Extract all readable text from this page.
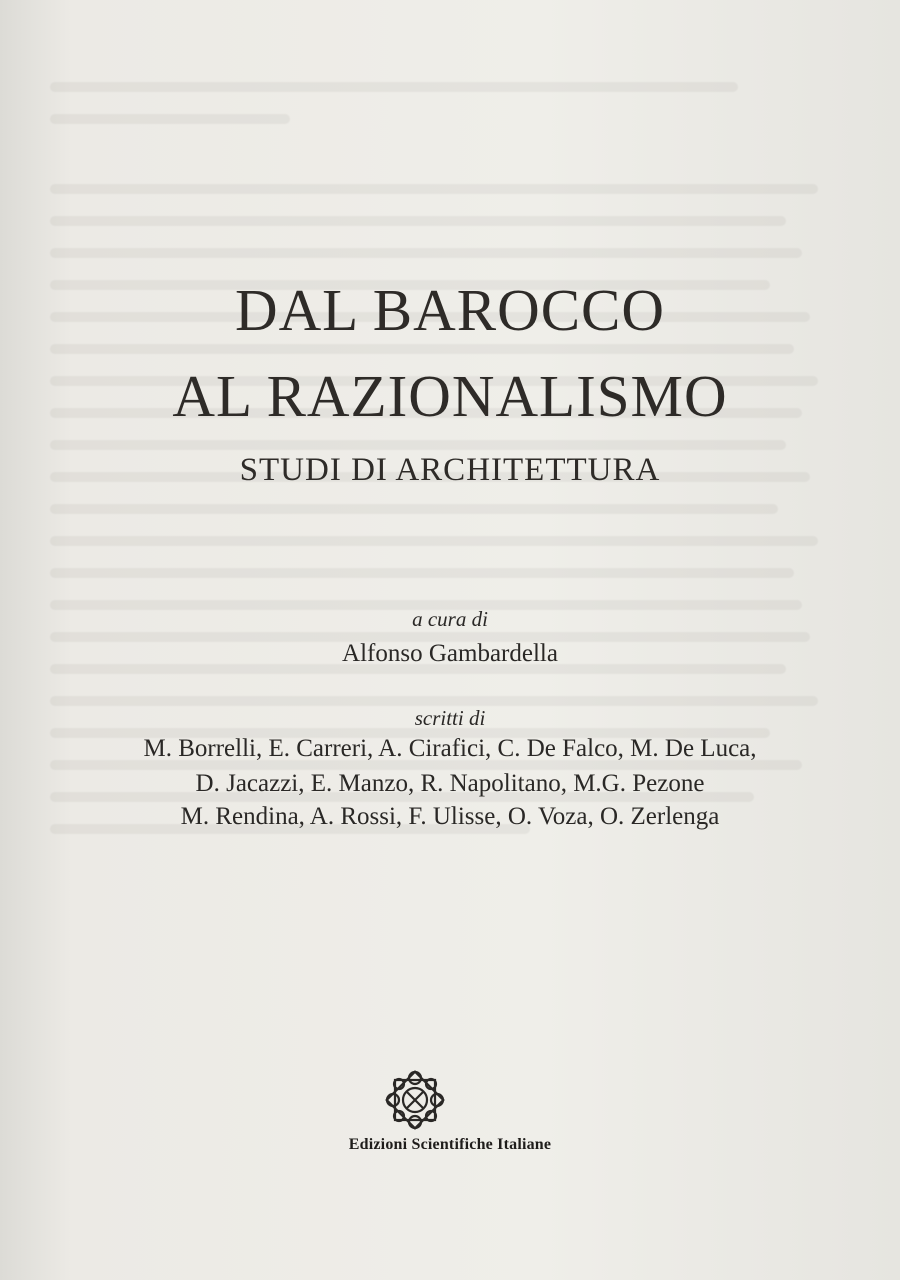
DAL BAROCCO
AL RAZIONALISMO
STUDI DI ARCHITETTURA
a cura di
Alfonso Gambardella
scritti di
M. Borrelli, E. Carreri, A. Cirafici, C. De Falco, M. De Luca,
D. Jacazzi, E. Manzo, R. Napolitano, M.G. Pezone
M. Rendina, A. Rossi, F. Ulisse, O. Voza, O. Zerlenga
Edizioni Scientifiche Italiane
